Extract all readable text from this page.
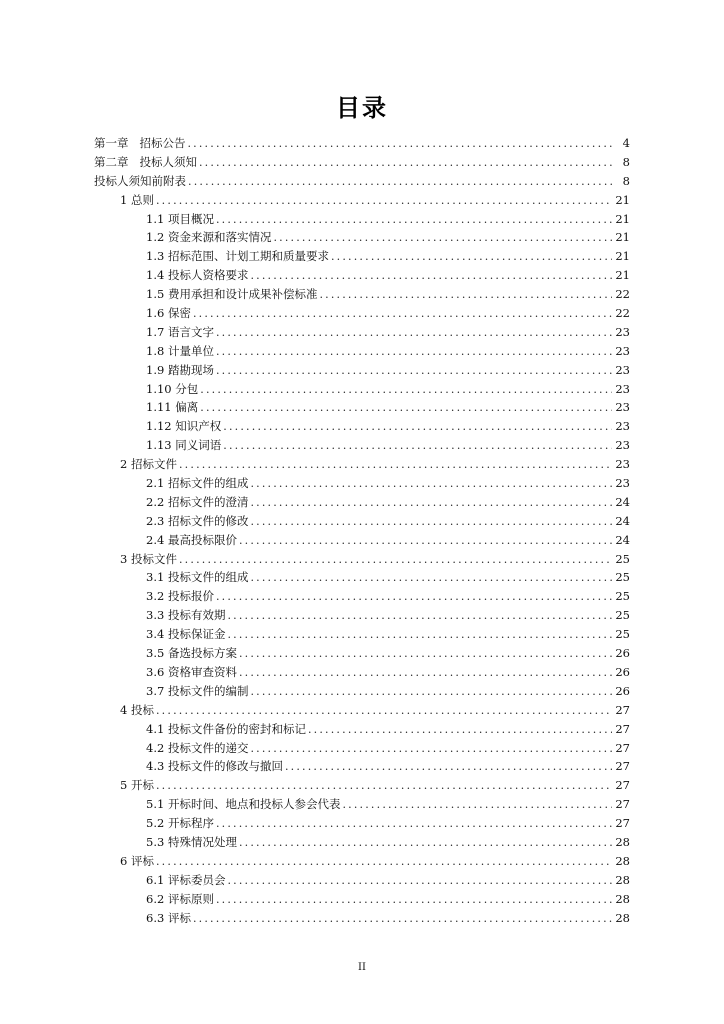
目录
第一章   招标公告 .....	4
第二章   投标人须知 .....	8
投标人须知前附表 .....	8
1 总则 .....	21
1.1 项目概况 .....	21
1.2 资金来源和落实情况 .....	21
1.3 招标范围、计划工期和质量要求 .....	21
1.4 投标人资格要求 .....	21
1.5 费用承担和设计成果补偿标准 .....	22
1.6 保密 .....	22
1.7 语言文字 .....	23
1.8 计量单位 .....	23
1.9 踏勘现场 .....	23
1.10 分包 .....	23
1.11 偏离 .....	23
1.12 知识产权 .....	23
1.13 同义词语 .....	23
2 招标文件 .....	23
2.1 招标文件的组成 .....	23
2.2 招标文件的澄清 .....	24
2.3 招标文件的修改 .....	24
2.4 最高投标限价 .....	24
3 投标文件 .....	25
3.1 投标文件的组成 .....	25
3.2 投标报价 .....	25
3.3 投标有效期 .....	25
3.4 投标保证金 .....	25
3.5 备选投标方案 .....	26
3.6 资格审查资料 .....	26
3.7 投标文件的编制 .....	26
4 投标 .....	27
4.1 投标文件备份的密封和标记 .....	27
4.2 投标文件的递交 .....	27
4.3 投标文件的修改与撤回 .....	27
5 开标 .....	27
5.1 开标时间、地点和投标人参会代表 .....	27
5.2 开标程序 .....	27
5.3 特殊情况处理 .....	28
6 评标 .....	28
6.1 评标委员会 .....	28
6.2 评标原则 .....	28
6.3 评标 .....	28
II
